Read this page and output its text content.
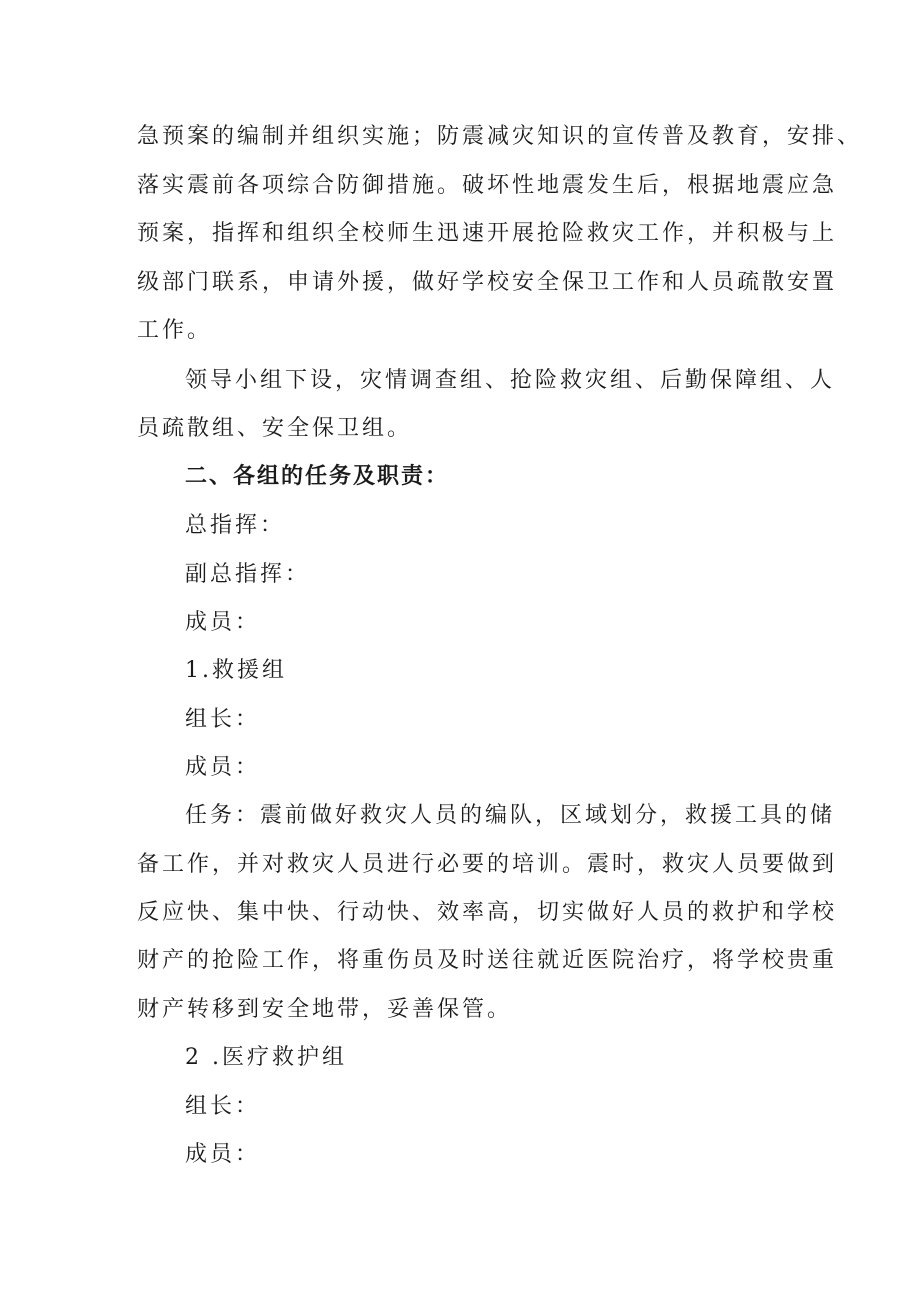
急预案的编制并组织实施；防震减灾知识的宣传普及教育，安排、
落实震前各项综合防御措施。破坏性地震发生后，根据地震应急
预案，指挥和组织全校师生迅速开展抢险救灾工作，并积极与上
级部门联系，申请外援，做好学校安全保卫工作和人员疏散安置
工作。
领导小组下设，灾情调查组、抢险救灾组、后勤保障组、人
员疏散组、安全保卫组。
二、各组的任务及职责：
总指挥：
副总指挥：
成员：
1.救援组
组长：
成员：
任务：震前做好救灾人员的编队，区域划分，救援工具的储
备工作，并对救灾人员进行必要的培训。震时，救灾人员要做到
反应快、集中快、行动快、效率高，切实做好人员的救护和学校
财产的抢险工作，将重伤员及时送往就近医院治疗，将学校贵重
财产转移到安全地带，妥善保管。
2 .医疗救护组
组长：
成员：
